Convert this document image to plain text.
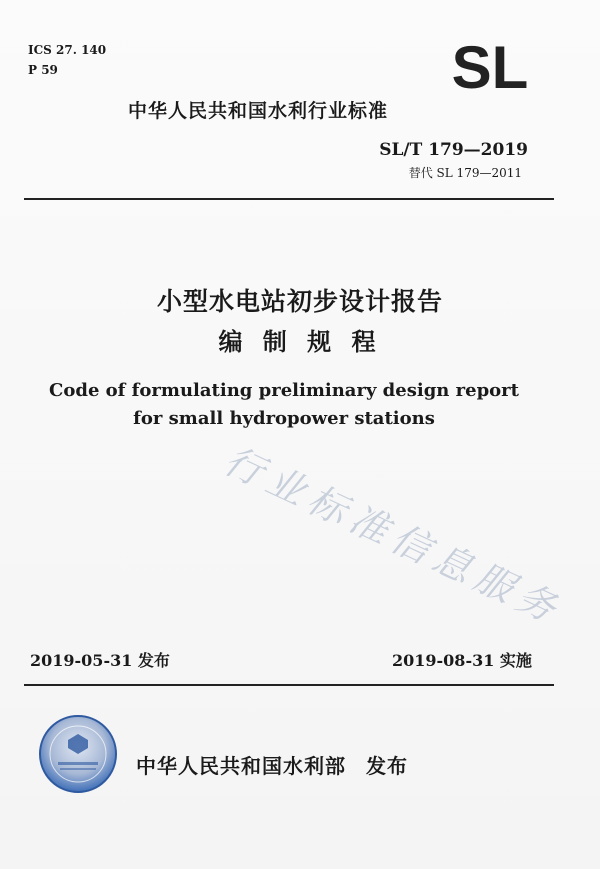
ICS 27. 140
P 59	SL
中华人民共和国水利行业标准
SL/T 179—2019
替代 SL 179—2011
小型水电站初步设计报告
编 制 规 程
Code of formulating preliminary design report
for small hydropower stations
行业标准信息服务
2019-05-31 发布	2019-08-31 实施
中华人民共和国水利部 发布
